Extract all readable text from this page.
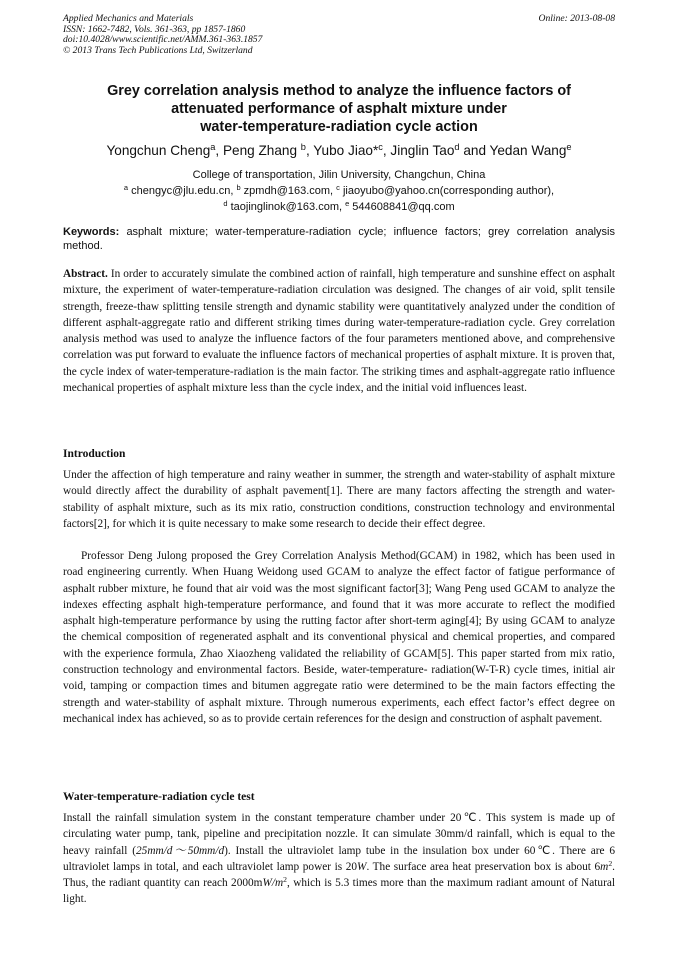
Applied Mechanics and Materials	Online: 2013-08-08
ISSN: 1662-7482, Vols. 361-363, pp 1857-1860
doi:10.4028/www.scientific.net/AMM.361-363.1857
© 2013 Trans Tech Publications Ltd, Switzerland
Grey correlation analysis method to analyze the influence factors of
attenuated performance of asphalt mixture under
water-temperature-radiation cycle action
Yongchun Cheng$^a$, Peng Zhang $^b$, Yubo Jiao*$^c$, Jinglin Tao$^d$ and Yedan Wang$^e$
College of transportation, Jilin University, Changchun, China
$^a$ chengyc@jlu.edu.cn, $^b$ zpmdh@163.com, $^c$ jiaoyubo@yahoo.cn(corresponding author),
$^d$ taojinglinok@163.com, $^e$ 544608841@qq.com
Keywords: asphalt mixture; water-temperature-radiation cycle; influence factors; grey correlation analysis method.
Abstract. In order to accurately simulate the combined action of rainfall, high temperature and sunshine effect on asphalt mixture, the experiment of water-temperature-radiation circulation was designed. The changes of air void, split tensile strength, freeze-thaw splitting tensile strength and dynamic stability were quantitatively analyzed under the condition of different asphalt-aggregate ratio and different striking times during water-temperature-radiation cycle. Grey correlation analysis method was used to analyze the influence factors of the four parameters mentioned above, and comprehensive correlation was put forward to evaluate the influence factors of mechanical properties of asphalt mixture. It is proven that, the cycle index of water-temperature-radiation is the main factor. The striking times and asphalt-aggregate ratio influence mechanical properties of asphalt mixture less than the cycle index, and the initial void influences least.
Introduction
Under the affection of high temperature and rainy weather in summer, the strength and water-stability of asphalt mixture would directly affect the durability of asphalt pavement[1]. There are many factors affecting the strength and water-stability of asphalt mixture, such as its mix ratio, construction conditions, construction technology and environmental factors[2], for which it is quite necessary to make some research to decide their effect degree.
Professor Deng Julong proposed the Grey Correlation Analysis Method(GCAM) in 1982, which has been used in road engineering currently. When Huang Weidong used GCAM to analyze the effect factor of fatigue performance of asphalt rubber mixture, he found that air void was the most significant factor[3]; Wang Peng used GCAM to analyze the indexes effecting asphalt high-temperature performance, and found that it was more accurate to reflect the modified asphalt high-temperature performance by using the rutting factor after short-term aging[4]; By using GCAM to analyze the chemical composition of regenerated asphalt and its conventional physical and chemical properties, and compared with the experience formula, Zhao Xiaozheng validated the reliability of GCAM[5]. This paper started from mix ratio, construction technology and environmental factors. Beside, water-temperature- radiation(W-T-R) cycle times, initial air void, tamping or compaction times and bitumen aggregate ratio were determined to be the main factors effecting the strength and water-stability of asphalt mixture. Through numerous experiments, each effect factor’s effect degree on mechanical index has achieved, so as to provide certain references for the design and construction of asphalt pavement.
Water-temperature-radiation cycle test
Install the rainfall simulation system in the constant temperature chamber under 20℃. This system is made up of circulating water pump, tank, pipeline and precipitation nozzle. It can simulate 30mm/d rainfall, which is equal to the heavy rainfall (25mm/d～50mm/d). Install the ultraviolet lamp tube in the insulation box under 60℃. There are 6 ultraviolet lamps in total, and each ultraviolet lamp power is 20W. The surface area heat preservation box is about $6m^2$. Thus, the radiant quantity can reach $2000mW/m^2$, which is 5.3 times more than the maximum radiant amount of Natural light.
